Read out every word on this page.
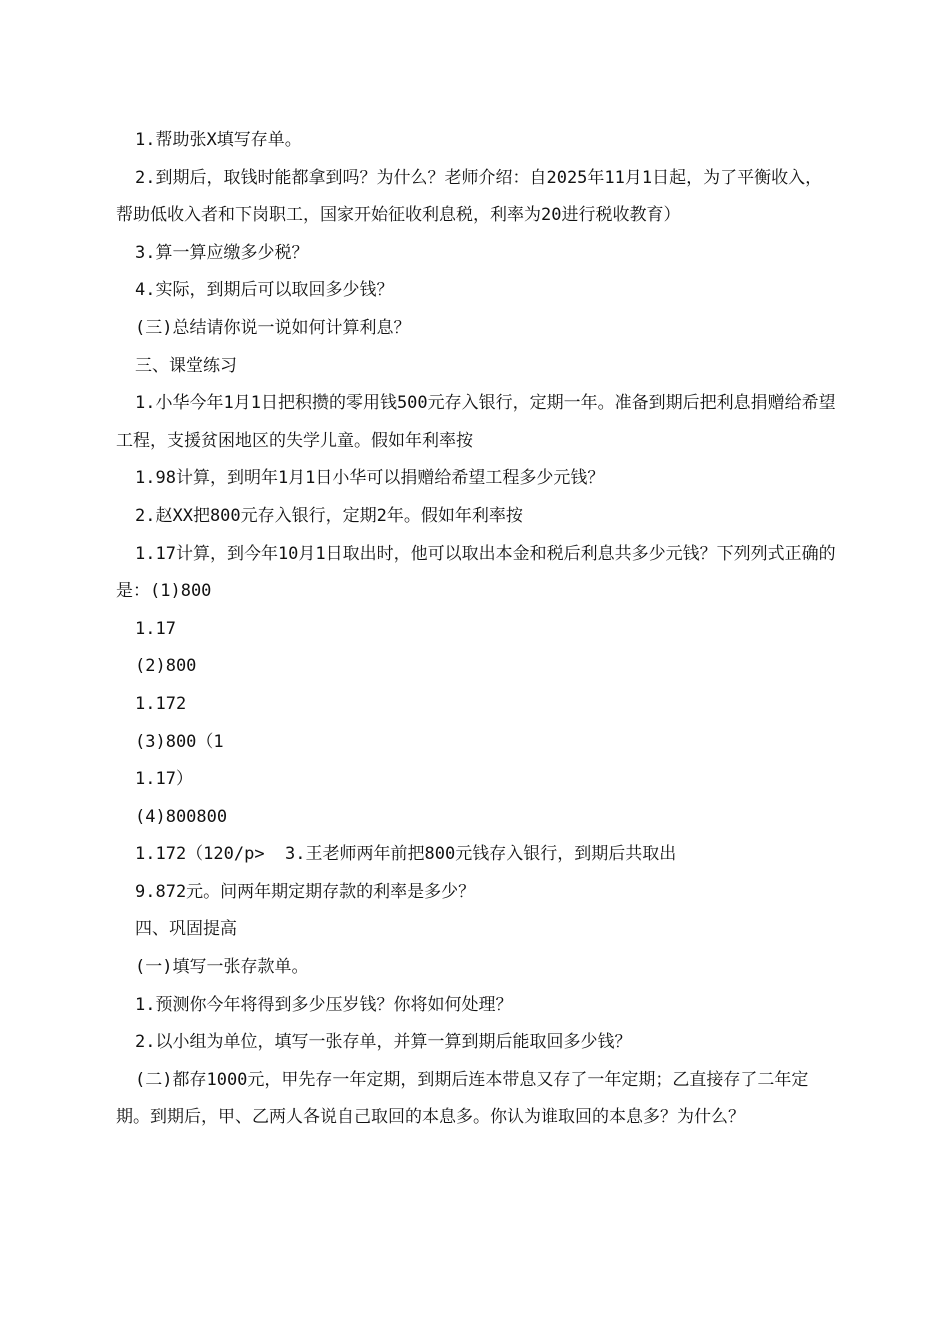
1.帮助张X填写存单。

2.到期后，取钱时能都拿到吗？为什么？老师介绍：自2025年11月1日起，为了平衡收入，帮助低收入者和下岗职工，国家开始征收利息税，利率为20进行税收教育）

3.算一算应缴多少税？

4.实际，到期后可以取回多少钱？

(三)总结请你说一说如何计算利息？

三、课堂练习

1.小华今年1月1日把积攒的零用钱500元存入银行，定期一年。准备到期后把利息捐赠给希望工程，支援贫困地区的失学儿童。假如年利率按

1.98计算，到明年1月1日小华可以捐赠给希望工程多少元钱？

2.赵XX把800元存入银行，定期2年。假如年利率按

1.17计算，到今年10月1日取出时，他可以取出本金和税后利息共多少元钱？下列列式正确的是：(1)800

1.17

(2)800

1.172

(3)800（1

1.17）

(4)800800

1.172（120/p>  3.王老师两年前把800元钱存入银行，到期后共取出

9.872元。问两年期定期存款的利率是多少？

四、巩固提高

(一)填写一张存款单。

1.预测你今年将得到多少压岁钱？你将如何处理？

2.以小组为单位，填写一张存单，并算一算到期后能取回多少钱？

(二)都存1000元，甲先存一年定期，到期后连本带息又存了一年定期；乙直接存了二年定期。到期后，甲、乙两人各说自己取回的本息多。你认为谁取回的本息多？为什么？
